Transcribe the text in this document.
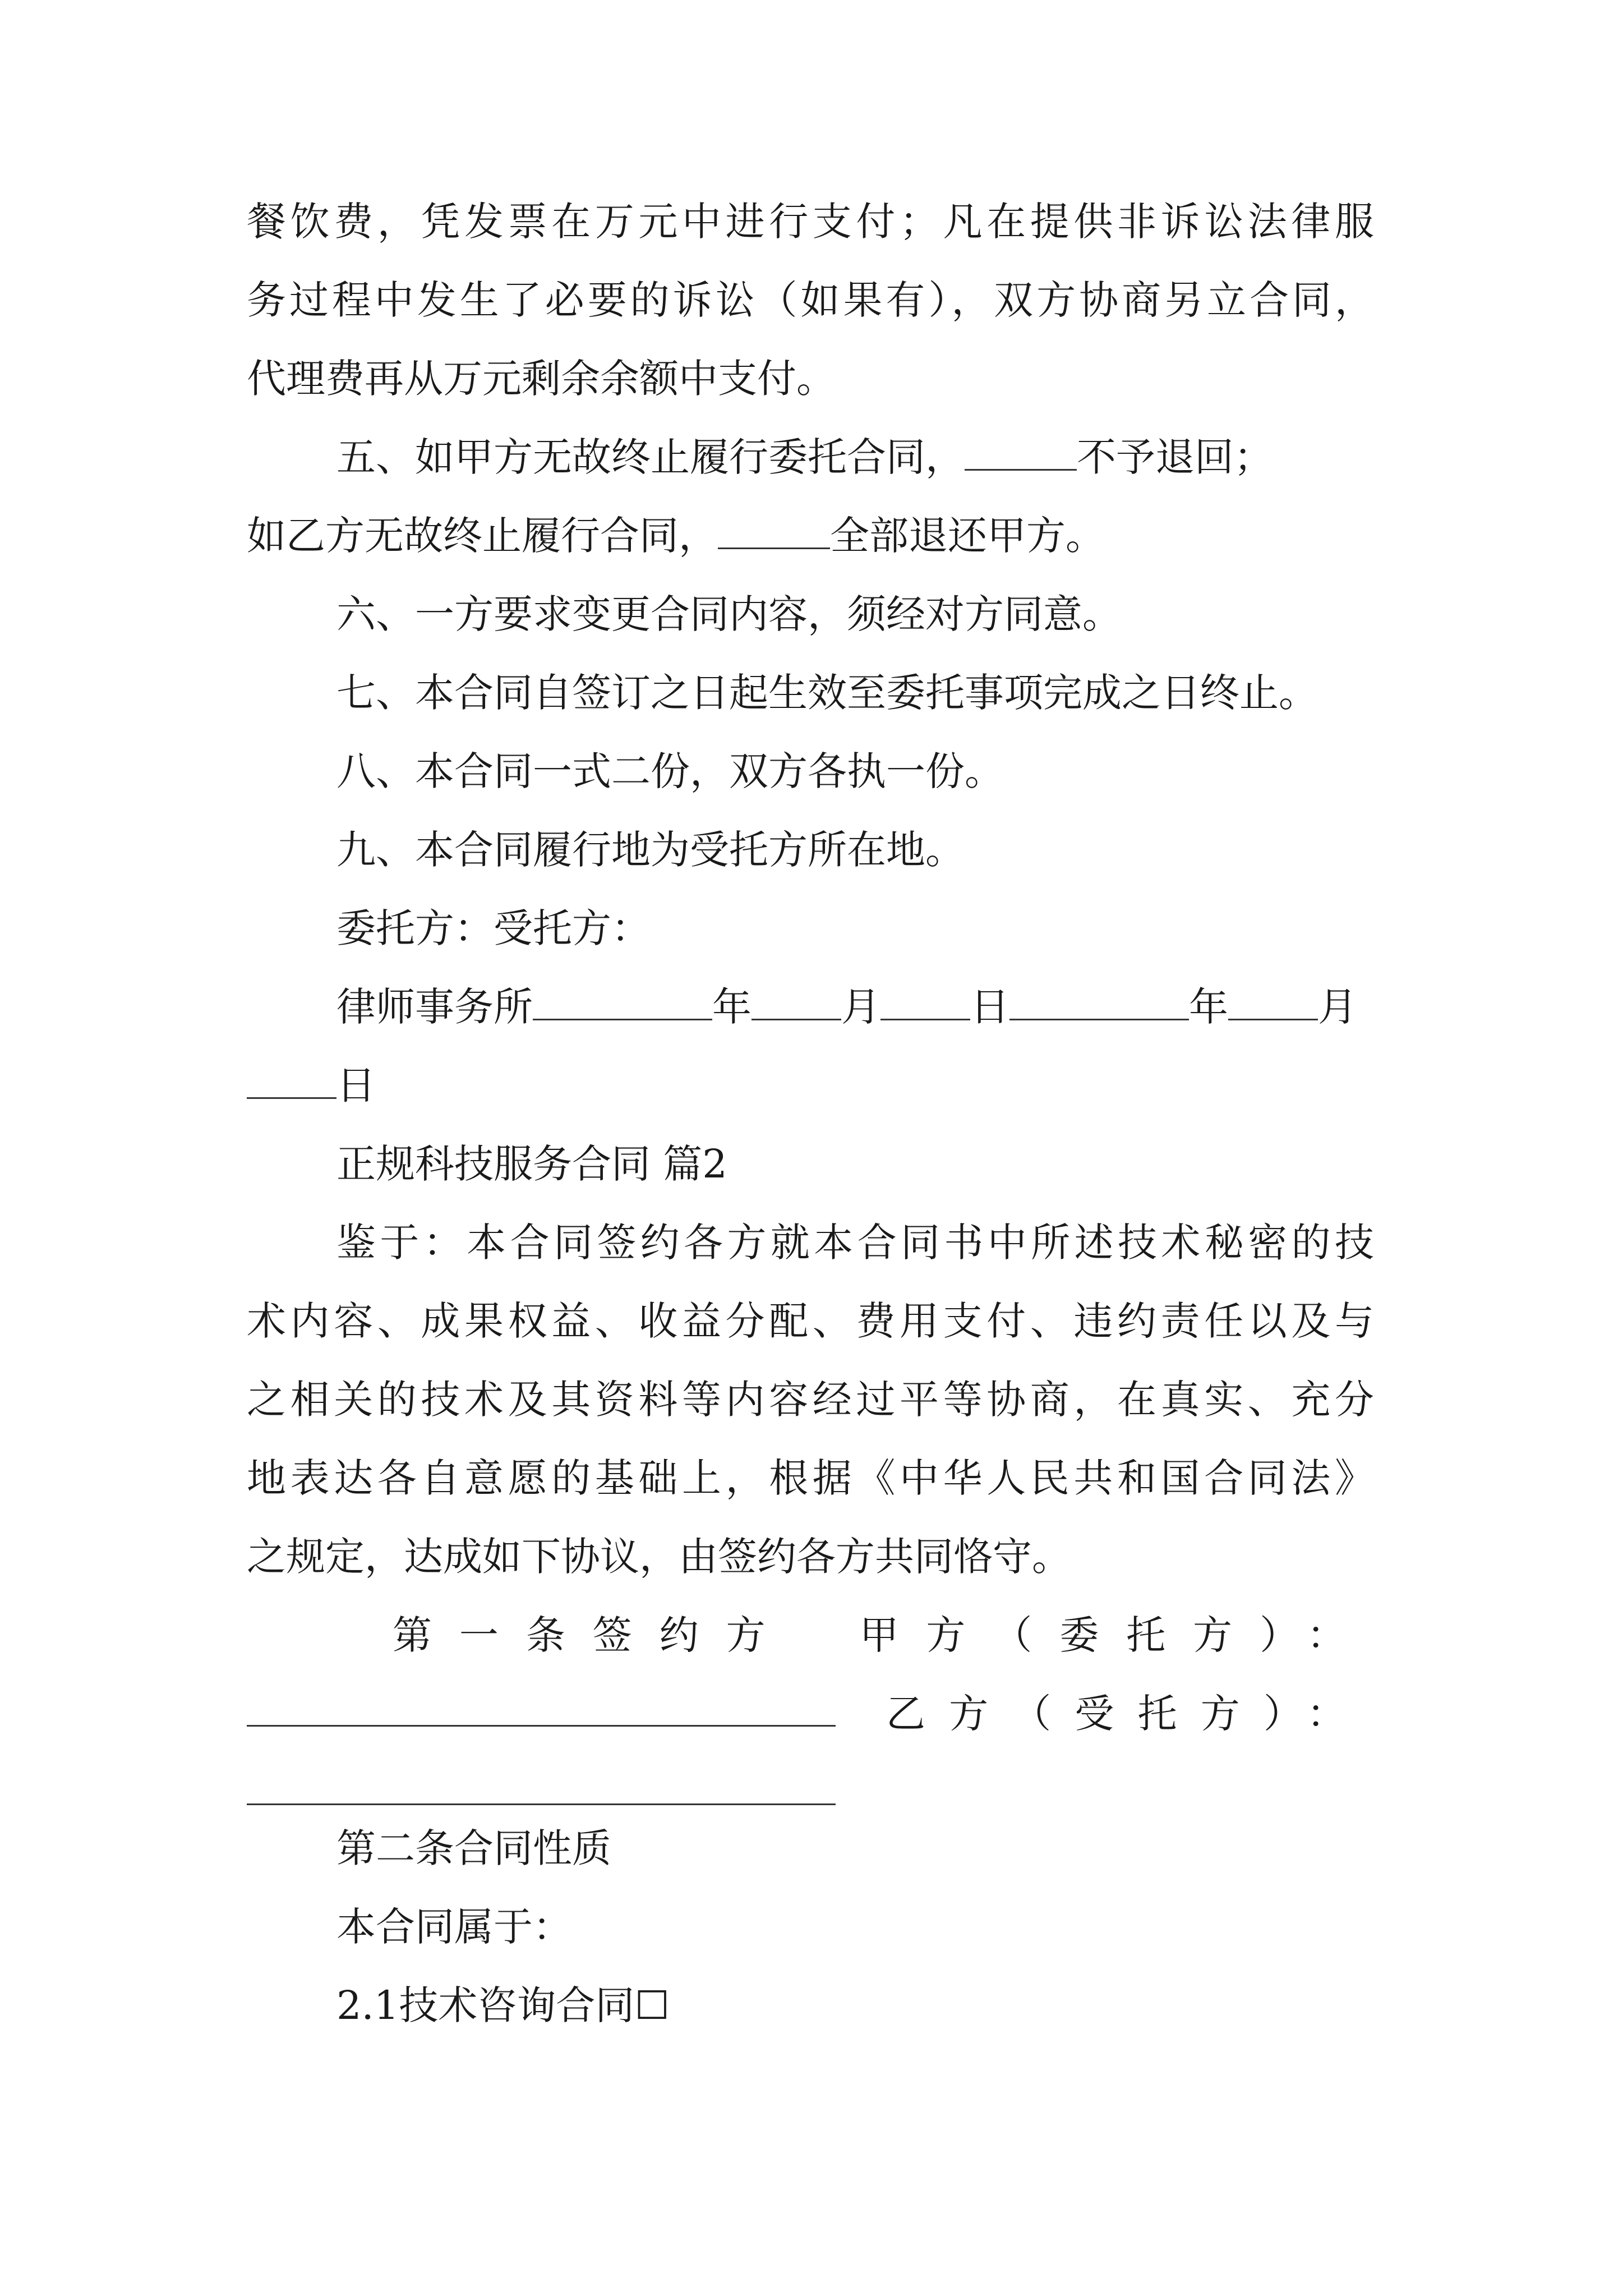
餐饮费，凭发票在万元中进行支付；凡在提供非诉讼法律服
务过程中发生了必要的诉讼（如果有），双方协商另立合同，
代理费再从万元剩余余额中支付。
五、如甲方无故终止履行委托合同，	不予退回；
如乙方无故终止履行合同，	全部退还甲方。
六、一方要求变更合同内容，须经对方同意。
七、本合同自签订之日起生效至委托事项完成之日终止。
八、本合同一式二份，双方各执一份。
九、本合同履行地为受托方所在地。
委托方：受托方：
律师事务所	年 月 日	年 月
日
正规科技服务合同 篇2
鉴于：本合同签约各方就本合同书中所述技术秘密的技
术内容、成果权益、收益分配、费用支付、违约责任以及与
之相关的技术及其资料等内容经过平等协商，在真实、充分
地表达各自意愿的基础上，根据《中华人民共和国合同法》
之规定，达成如下协议，由签约各方共同恪守。
第一条签约方　甲方（委托方）：
乙方（受托方）：
第二条合同性质
本合同属于：
2.1技术咨询合同☐
